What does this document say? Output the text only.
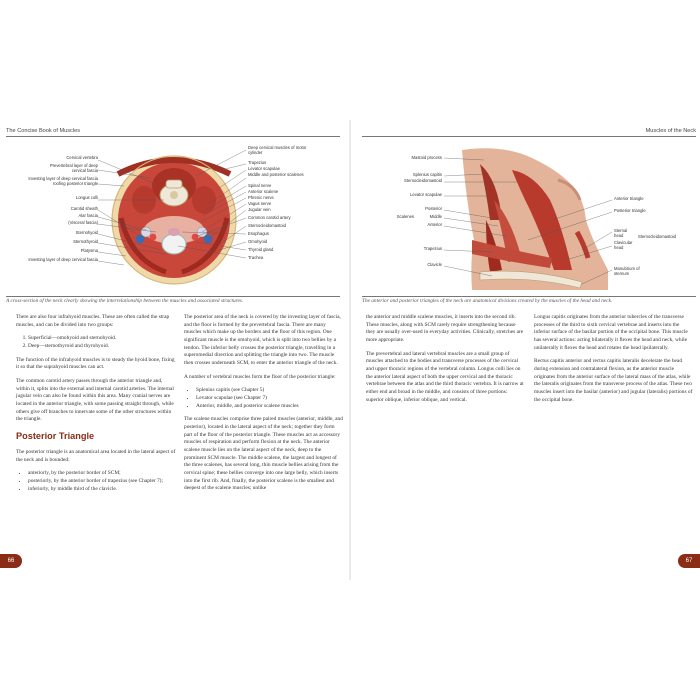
The Concise Book of Muscles
Cervical vertebra
Prevertebral layer of deep cervical fascia
Investing layer of deep cervical fascia roofing posterior triangle
Longus colli
Carotid sheath
Alar fascia
(Visceral fascia)
Sternohyoid
Sternothyroid
Platysma
Investing layer of deep cervical fascia
Deep cervical muscles of motor cylinder
Trapezius
Levator scapulae
Middle and posterior scalenes
Spinal nerve
Anterior scalene
Phrenic nerve
Vagus nerve
Jugular vein
Common carotid artery
Sternocleidomastoid
Esophagus
Omohyoid
Thyroid gland
Trachea
A cross-section of the neck clearly showing the interrelationship between the muscles and associated structures.

There are also four infrahyoid muscles. These are often called the strap muscles, and can be divided into two groups:

1. Superficial—omohyoid and sternohyoid.
2. Deep—sternothyroid and thyrohyoid.

The function of the infrahyoid muscles is to steady the hyoid bone, fixing it so that the suprahyoid muscles can act.

The common carotid artery passes through the anterior triangle and, within it, splits into the external and internal carotid arteries. The internal jugular vein can also be found within this area. Many cranial nerves are located in the anterior triangle, with some passing straight through, while others give off branches to innervate some of the other structures within the triangle.

Posterior Triangle

The posterior triangle is an anatomical area located in the lateral aspect of the neck and is bounded:

• anteriorly, by the posterior border of SCM;
• posteriorly, by the anterior border of trapezius (see Chapter 7);
• inferiorly, by middle third of the clavicle.

The posterior area of the neck is covered by the investing layer of fascia, and the floor is formed by the prevertebral fascia. There are many muscles which make up the borders and the floor of this region. One significant muscle is the omohyoid, which is split into two bellies by a tendon. The inferior belly crosses the posterior triangle, travelling in a superomedial direction and splitting the triangle into two. The muscle then crosses underneath SCM, to enter the anterior triangle of the neck.

A number of vertebral muscles form the floor of the posterior triangle:

• Splenius capitis (see Chapter 5)
• Levator scapulae (see Chapter 7)
• Anterior, middle, and posterior scalene muscles

The scalene muscles comprise three paired muscles (anterior, middle, and posterior), located in the lateral aspect of the neck; together they form part of the floor of the posterior triangle. These muscles act as accessory muscles of respiration and perform flexion at the neck. The anterior scalene muscle lies on the lateral aspect of the neck, deep to the prominent SCM muscle. The middle scalene, the largest and longest of the three scalenes, has several long, thin muscle bellies arising from the cervical spine; these bellies converge into one large belly, which inserts into the first rib. And, finally, the posterior scalene is the smallest and deepest of the scalene muscles; unlike

66
Muscles of the Neck
Mastoid process
Splenius capitis
Sternocleidomastoid
Levator scapulae
Posterior
Middle
Anterior
Scalenes
Trapezius
Clavicle
Anterior triangle
Posterior triangle
Sternal head
Clavicular head
Sternocleidomastoid
Manubrium of sternum
The anterior and posterior triangles of the neck are anatomical divisions created by the muscles of the head and neck.

the anterior and middle scalene muscles, it inserts into the second rib. These muscles, along with SCM rarely require strengthening because they are usually over-used in everyday activities. Clinically, stretches are more appropriate.

The prevertebral and lateral vertebral muscles are a small group of muscles attached to the bodies and transverse processes of the cervical and upper thoracic regions of the vertebral column. Longus colli lies on the anterior lateral aspect of both the upper cervical and the thoracic vertebrae between the atlas and the third thoracic vertebra. It is narrow at either end and broad in the middle, and consists of three portions: superior oblique, inferior oblique, and vertical.

Longus capitis originates from the anterior tubercles of the transverse processes of the third to sixth cervical vertebrae and inserts into the inferior surface of the basilar portion of the occipital bone. This muscle has several actions: acting bilaterally it flexes the head and neck, while unilaterally it flexes the head and rotates the head ipsilaterally.

Rectus capitis anterior and rectus capitis lateralis decelerate the head during extension and contralateral flexion, as the anterior muscle originates from the anterior surface of the lateral mass of the atlas, while the lateralis originates from the transverse process of the atlas. These two muscles insert into the basilar (anterior) and jugular (lateralis) portions of the occipital bone.

67
